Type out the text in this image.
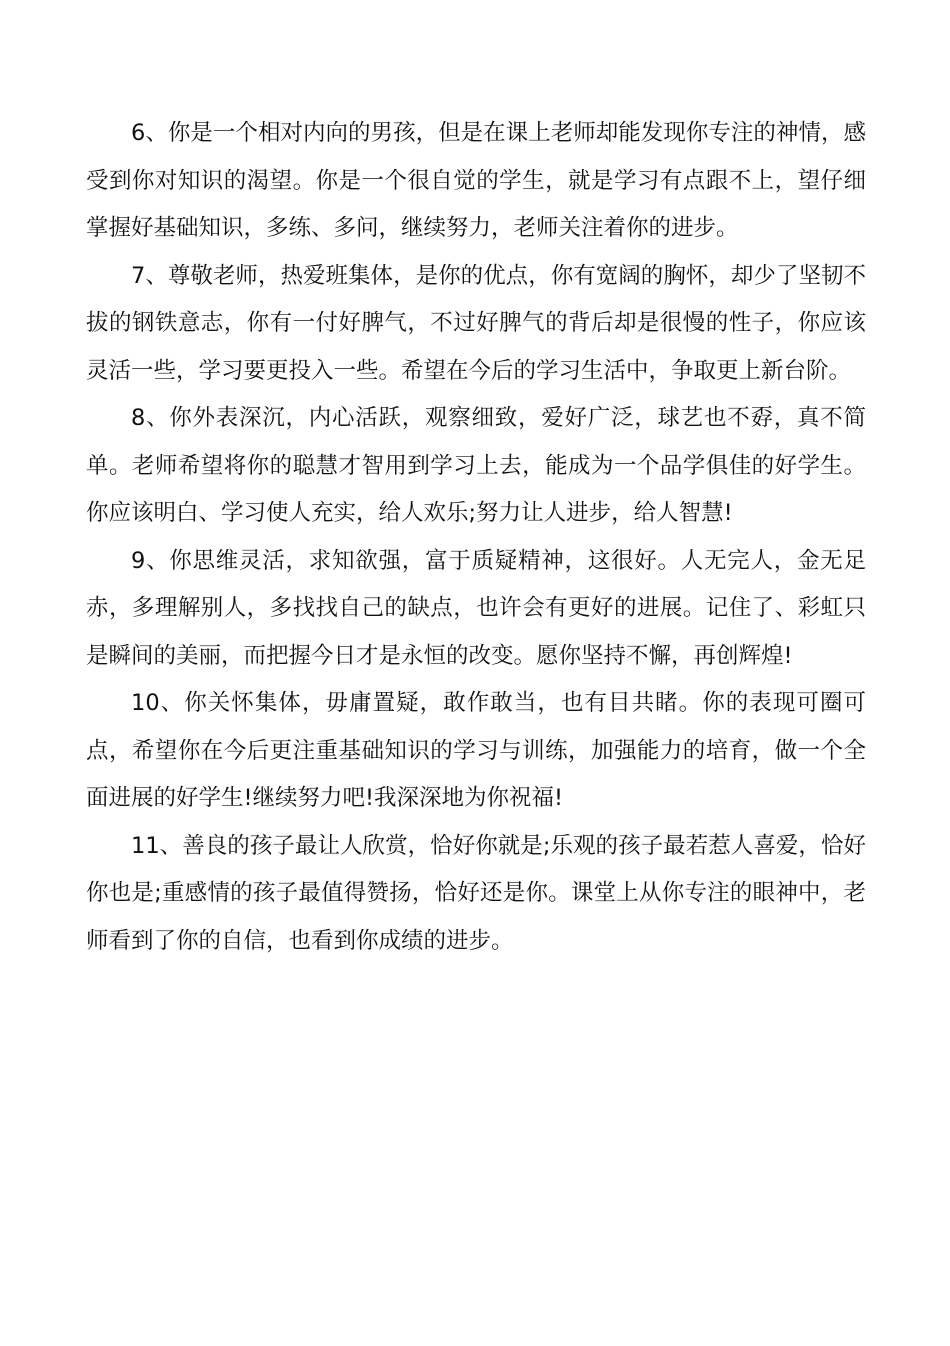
6、你是一个相对内向的男孩，但是在课上老师却能发现你专注的神情，感受到你对知识的渴望。你是一个很自觉的学生，就是学习有点跟不上，望仔细掌握好基础知识，多练、多问，继续努力，老师关注着你的进步。

7、尊敬老师，热爱班集体，是你的优点，你有宽阔的胸怀，却少了坚韧不拔的钢铁意志，你有一付好脾气，不过好脾气的背后却是很慢的性子，你应该灵活一些，学习要更投入一些。希望在今后的学习生活中，争取更上新台阶。

8、你外表深沉，内心活跃，观察细致，爱好广泛，球艺也不孬，真不简单。老师希望将你的聪慧才智用到学习上去，能成为一个品学俱佳的好学生。你应该明白、学习使人充实，给人欢乐;努力让人进步，给人智慧!

9、你思维灵活，求知欲强，富于质疑精神，这很好。人无完人，金无足赤，多理解别人，多找找自己的缺点，也许会有更好的进展。记住了、彩虹只是瞬间的美丽，而把握今日才是永恒的改变。愿你坚持不懈，再创辉煌!

10、你关怀集体，毋庸置疑，敢作敢当，也有目共睹。你的表现可圈可点，希望你在今后更注重基础知识的学习与训练，加强能力的培育，做一个全面进展的好学生!继续努力吧!我深深地为你祝福!

11、善良的孩子最让人欣赏，恰好你就是;乐观的孩子最若惹人喜爱，恰好你也是;重感情的孩子最值得赞扬，恰好还是你。课堂上从你专注的眼神中，老师看到了你的自信，也看到你成绩的进步。
